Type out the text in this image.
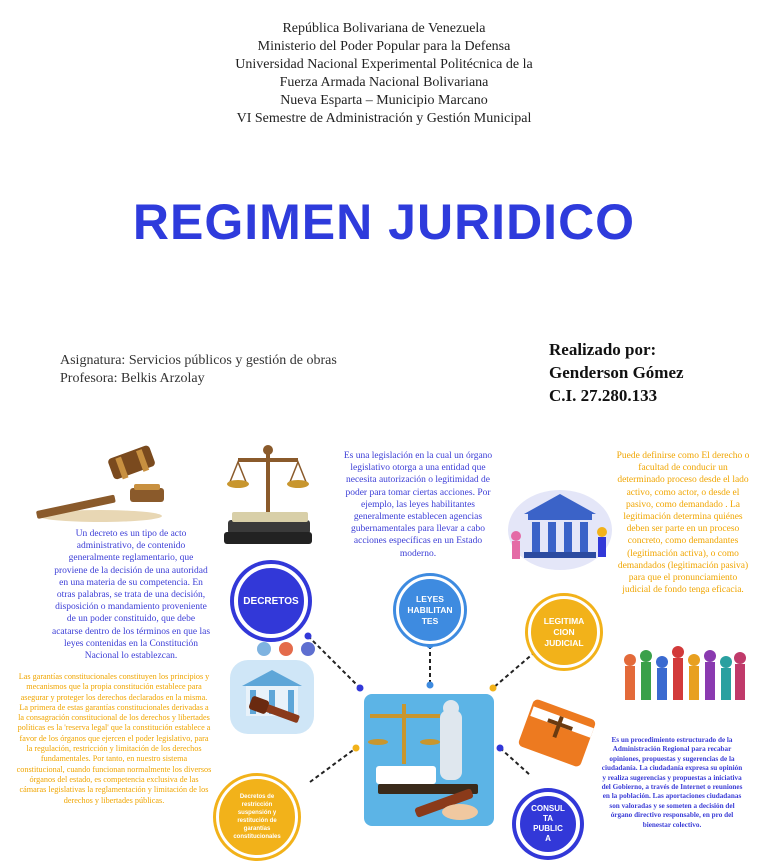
República Bolivariana de Venezuela
Ministerio del Poder Popular para la Defensa
Universidad Nacional Experimental Politécnica de la
Fuerza Armada Nacional Bolivariana
Nueva Esparta – Municipio Marcano
VI Semestre de Administración y Gestión Municipal
REGIMEN JURIDICO
Asignatura: Servicios públicos y gestión de obras
Profesora: Belkis Arzolay
Realizado por:
Genderson Gómez
C.I. 27.280.133
DECRETOS	LEYES
HABILITAN
TES	LEGITIMA
CION
JUDICIAL
Decretos de restricción suspensión y restitución de garantías constitucionales
CONSUL
TA
PUBLIC
A
Un decreto es un tipo de acto administrativo, de contenido generalmente reglamentario, que proviene de la decisión de una autoridad en una materia de su competencia. En otras palabras, se trata de una decisión, disposición o mandamiento proveniente de un poder constituido, que debe acatarse dentro de los términos en que las leyes contenidas en la Constitución Nacional lo establezcan.
Las garantías constitucionales constituyen los principios y mecanismos que la propia constitución establece para asegurar y proteger los derechos declarados en la misma. La primera de estas garantías constitucionales derivadas a la consagración constitucional de los derechos y libertades políticas es la 'reserva legal' que la constitución establece a favor de los órganos que ejercen el poder legislativo, para la regulación, restricción y limitación de los derechos fundamentales. Por tanto, en nuestro sistema constitucional, cuando funcionan normalmente los diversos órganos del estado, es competencia exclusiva de las cámaras legislativas la reglamentación y limitación de los derechos y libertades públicas.
Es una legislación en la cual un órgano legislativo otorga a una entidad que necesita autorización o legitimidad de poder para tomar ciertas acciones. Por ejemplo, las leyes habilitantes generalmente establecen agencias gubernamentales para llevar a cabo acciones específicas en un Estado moderno.
Puede definirse como El derecho o facultad de conducir un determinado proceso desde el lado activo, como actor, o desde el pasivo, como demandado . La legitimación determina quiénes deben ser parte en un proceso concreto, como demandantes (legitimación activa), o como demandados (legitimación pasiva) para que el pronunciamiento judicial de fondo tenga eficacia.
Es un procedimiento estructurado de la Administración Regional para recabar opiniones, propuestas y sugerencias de la ciudadanía. La ciudadanía expresa su opinión y realiza sugerencias y propuestas a iniciativa del Gobierno, a través de Internet o reuniones en la población. Las aportaciones ciudadanas son valoradas y se someten a decisión del órgano directivo responsable, en pro del bienestar colectivo.
